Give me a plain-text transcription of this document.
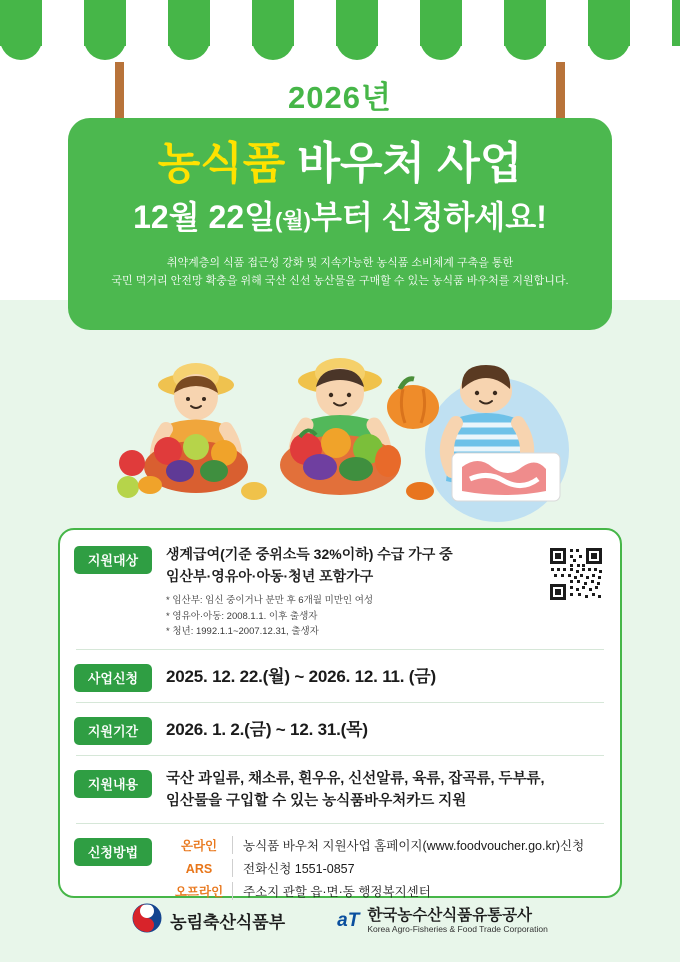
2026년
농식품 바우처 사업
12월 22일(월)부터 신청하세요!
취약계층의 식품 접근성 강화 및 지속가능한 농식품 소비체계 구축을 통한
국민 먹거리 안전망 확충을 위해 국산 신선 농산물을 구매할 수 있는 농식품 바우처를 지원합니다.
지원대상	생계급여(기준 중위소득 32%이하) 수급 가구 중
임산부·영유아·아동·청년 포함가구
* 임산부: 임신 중이거나 분만 후 6개월 미만인 여성
* 영유아·아동: 2008.1.1. 이후 출생자
* 청년: 1992.1.1~2007.12.31, 출생자
사업신청	2025. 12. 22.(월) ~ 2026. 12. 11. (금)
지원기간	2026. 1. 2.(금) ~ 12. 31.(목)
지원내용	국산 과일류, 채소류, 흰우유, 신선알류, 육류, 잡곡류, 두부류,
임산물을 구입할 수 있는 농식품바우처카드 지원
신청방법	온라인	농식품 바우처 지원사업 홈페이지(www.foodvoucher.go.kr)신청
ARS	전화신청 1551-0857
오프라인	주소지 관할 읍·면·동 행정복지센터
농림축산식품부	aT 한국농수산식품유통공사
Korea Agro-Fisheries & Food Trade Corporation
